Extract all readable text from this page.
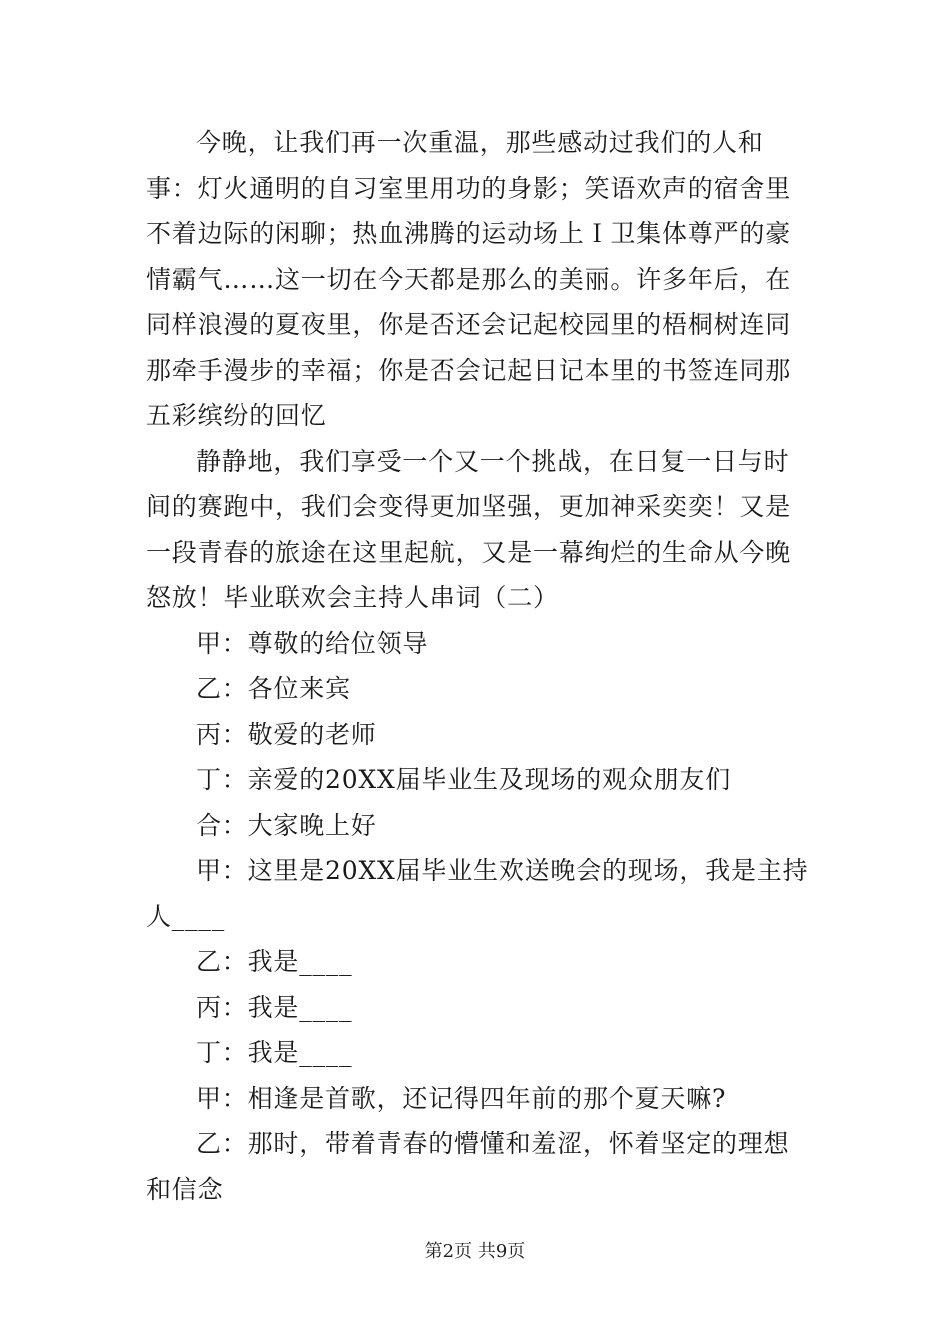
今晚，让我们再一次重温，那些感动过我们的人和事：灯火通明的自习室里用功的身影；笑语欢声的宿舍里不着边际的闲聊；热血沸腾的运动场上Ｉ卫集体尊严的豪情霸气……这一切在今天都是那么的美丽。许多年后，在同样浪漫的夏夜里，你是否还会记起校园里的梧桐树连同那牵手漫步的幸福；你是否会记起日记本里的书签连同那五彩缤纷的回忆

静静地，我们享受一个又一个挑战，在日复一日与时间的赛跑中，我们会变得更加坚强，更加神采奕奕！又是一段青春的旅途在这里起航，又是一幕绚烂的生命从今晚怒放！毕业联欢会主持人串词（二）

甲：尊敬的给位领导

乙：各位来宾

丙：敬爱的老师

丁：亲爱的20XX届毕业生及现场的观众朋友们

合：大家晚上好

甲：这里是20XX届毕业生欢送晚会的现场，我是主持人____

乙：我是____

丙：我是____

丁：我是____

甲：相逢是首歌，还记得四年前的那个夏天嘛?

乙：那时，带着青春的懵懂和羞涩，怀着坚定的理想和信念

第2页 共9页
